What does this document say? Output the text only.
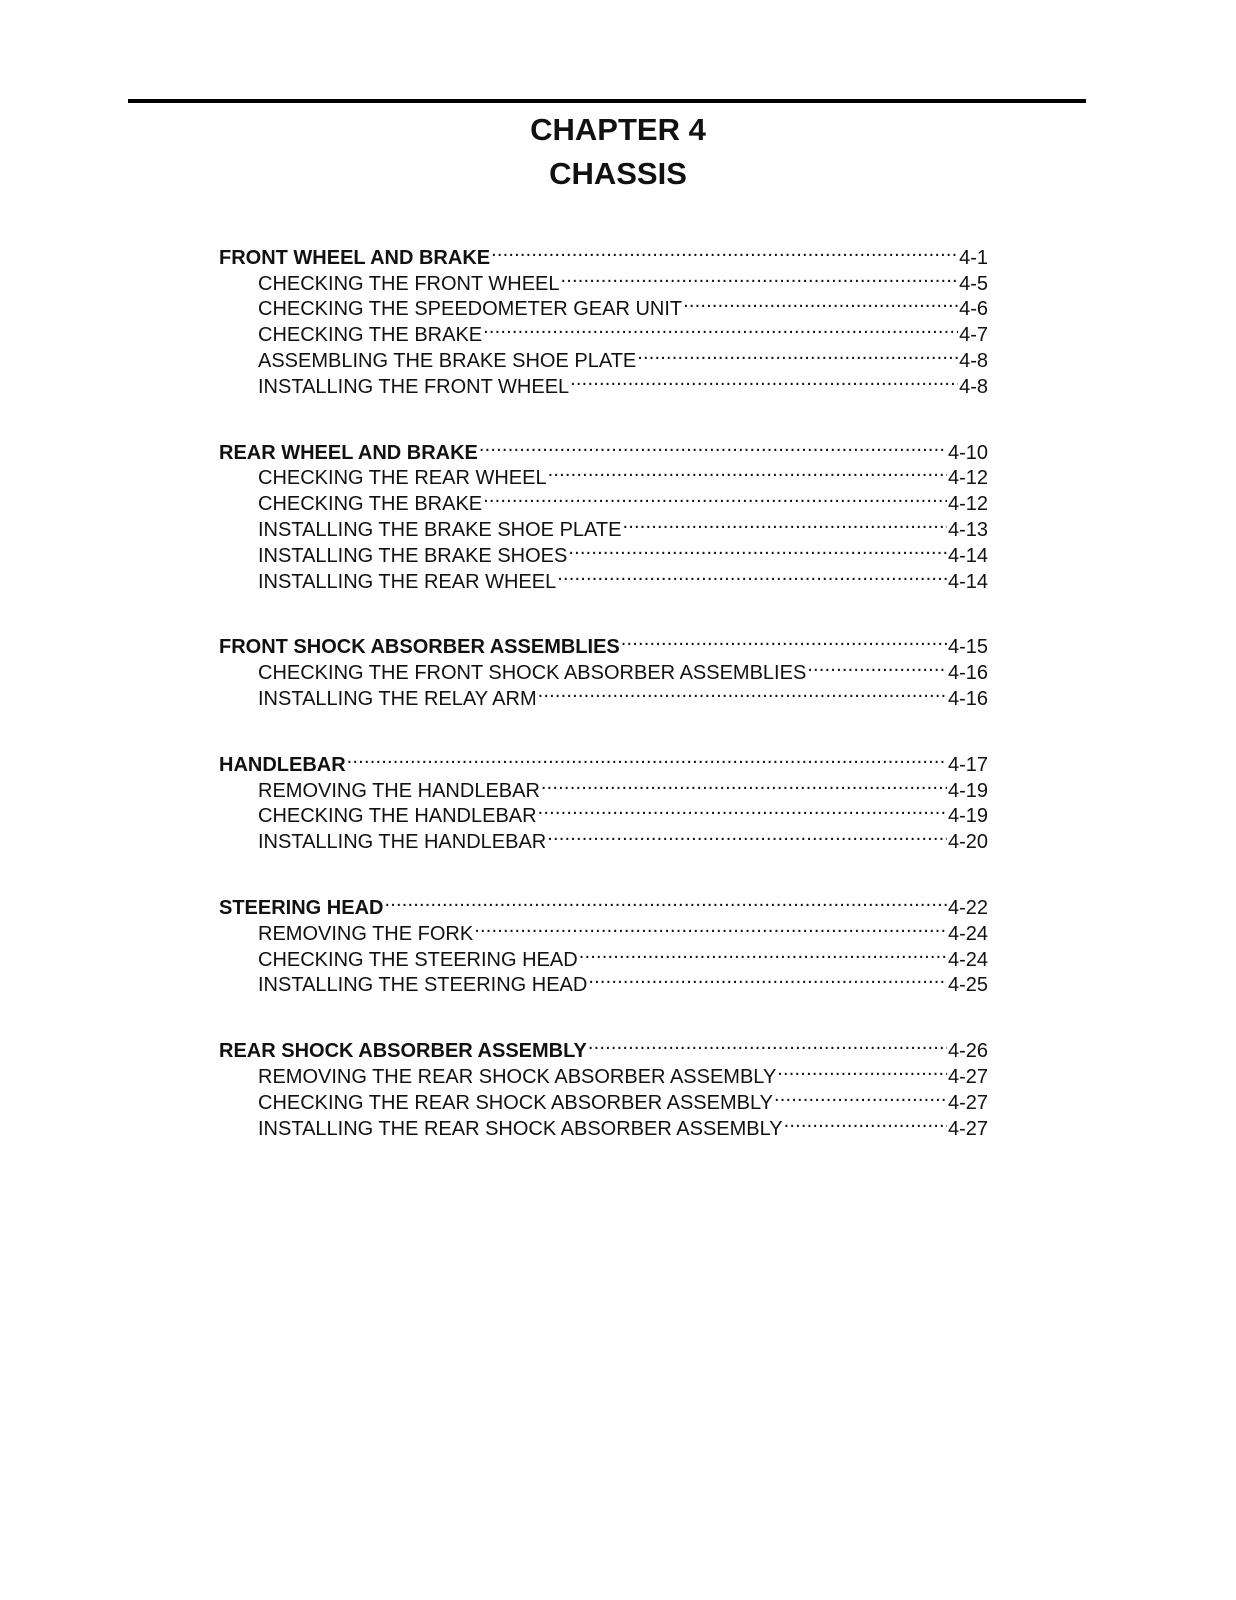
CHAPTER 4
CHASSIS
FRONT WHEEL AND BRAKE .....	4-1
CHECKING THE FRONT WHEEL .....	4-5
CHECKING THE SPEEDOMETER GEAR UNIT .....	4-6
CHECKING THE BRAKE .....	4-7
ASSEMBLING THE BRAKE SHOE PLATE .....	4-8
INSTALLING THE FRONT WHEEL .....	4-8
REAR WHEEL AND BRAKE .....	4-10
CHECKING THE REAR WHEEL .....	4-12
CHECKING THE BRAKE .....	4-12
INSTALLING THE BRAKE SHOE PLATE .....	4-13
INSTALLING THE BRAKE SHOES .....	4-14
INSTALLING THE REAR WHEEL .....	4-14
FRONT SHOCK ABSORBER ASSEMBLIES .....	4-15
CHECKING THE FRONT SHOCK ABSORBER ASSEMBLIES .....	4-16
INSTALLING THE RELAY ARM .....	4-16
HANDLEBAR .....	4-17
REMOVING THE HANDLEBAR .....	4-19
CHECKING THE HANDLEBAR .....	4-19
INSTALLING THE HANDLEBAR .....	4-20
STEERING HEAD .....	4-22
REMOVING THE FORK .....	4-24
CHECKING THE STEERING HEAD .....	4-24
INSTALLING THE STEERING HEAD .....	4-25
REAR SHOCK ABSORBER ASSEMBLY .....	4-26
REMOVING THE REAR SHOCK ABSORBER ASSEMBLY .....	4-27
CHECKING THE REAR SHOCK ABSORBER ASSEMBLY .....	4-27
INSTALLING THE REAR SHOCK ABSORBER ASSEMBLY .....	4-27
